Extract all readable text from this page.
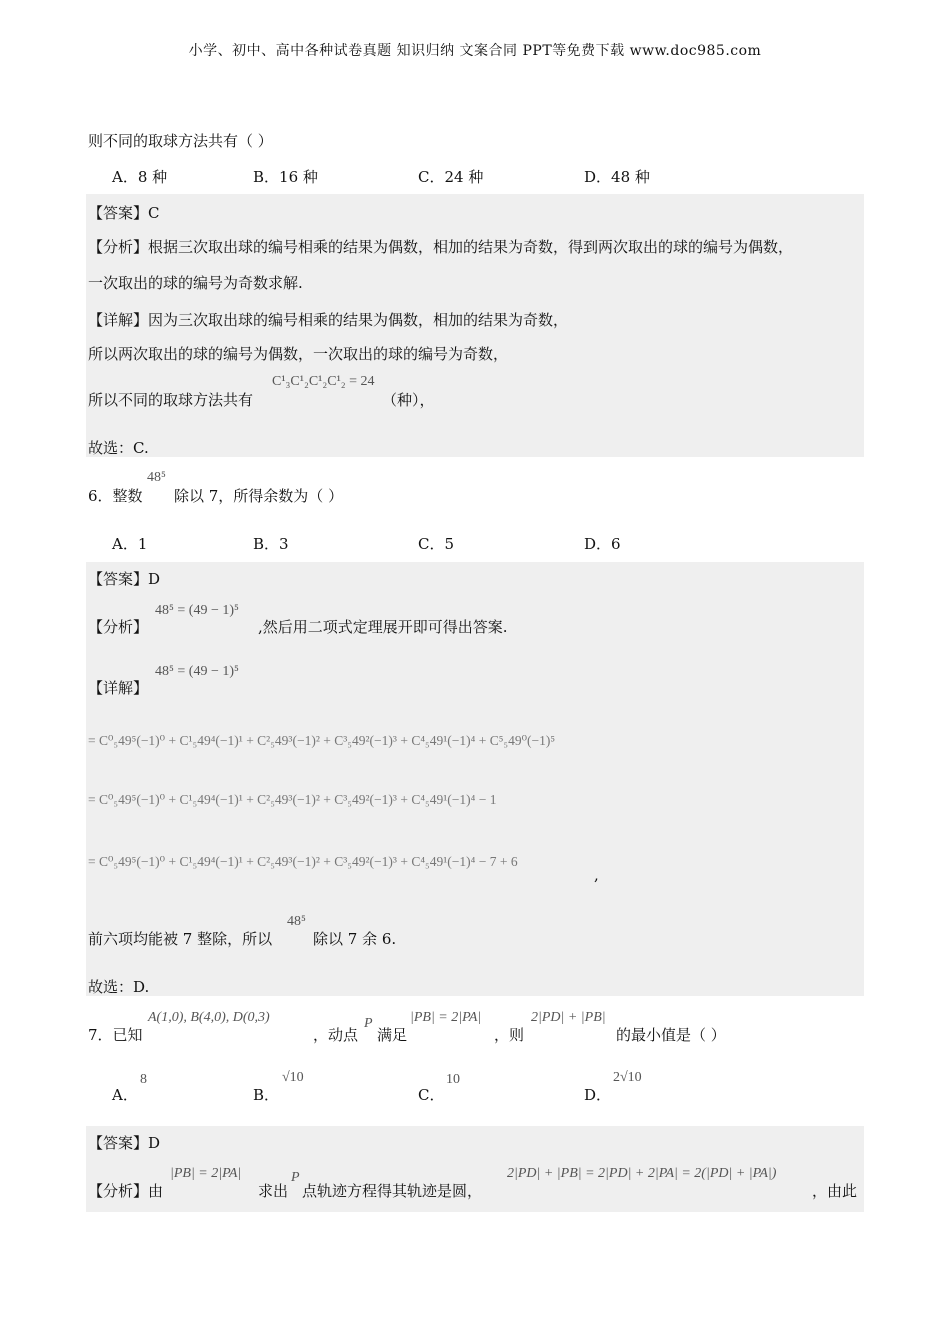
小学、初中、高中各种试卷真题 知识归纳 文案合同 PPT等免费下载 www.doc985.com
则不同的取球方法共有（ ）
A．8 种	B．16 种	C．24 种	D．48 种
【答案】C
【分析】根据三次取出球的编号相乘的结果为偶数，相加的结果为奇数，得到两次取出的球的编号为偶数，
一次取出的球的编号为奇数求解.
【详解】因为三次取出球的编号相乘的结果为偶数，相加的结果为奇数，
所以两次取出的球的编号为偶数，一次取出的球的编号为奇数，
所以不同的取球方法共有
C¹₃C¹₂C¹₂C¹₂ = 24
（种），
故选：C.
6．整数
48⁵
除以 7，所得余数为（ ）
A．1	B．3	C．5	D．6
【答案】D
【分析】
48⁵ = (49 − 1)⁵
,然后用二项式定理展开即可得出答案.
【详解】
48⁵ = (49 − 1)⁵
= C⁰₅49⁵(−1)⁰ + C¹₅49⁴(−1)¹ + C²₅49³(−1)² + C³₅49²(−1)³ + C⁴₅49¹(−1)⁴ + C⁵₅49⁰(−1)⁵
= C⁰₅49⁵(−1)⁰ + C¹₅49⁴(−1)¹ + C²₅49³(−1)² + C³₅49²(−1)³ + C⁴₅49¹(−1)⁴ − 1
= C⁰₅49⁵(−1)⁰ + C¹₅49⁴(−1)¹ + C²₅49³(−1)² + C³₅49²(−1)³ + C⁴₅49¹(−1)⁴ − 7 + 6
,
前六项均能被 7 整除，所以
48⁵
除以 7 余 6.
故选：D.
7．已知
A(1,0), B(4,0), D(0,3)
，动点
P
满足
|PB| = 2|PA|
，则
2|PD| + |PB|
的最小值是（ ）
A．
8
B．
√10
C．
10
D．
2√10
【答案】D
【分析】由
|PB| = 2|PA|
求出
P
点轨迹方程得其轨迹是圆，
2|PD| + |PB| = 2|PD| + 2|PA| = 2(|PD| + |PA|)
，由此
